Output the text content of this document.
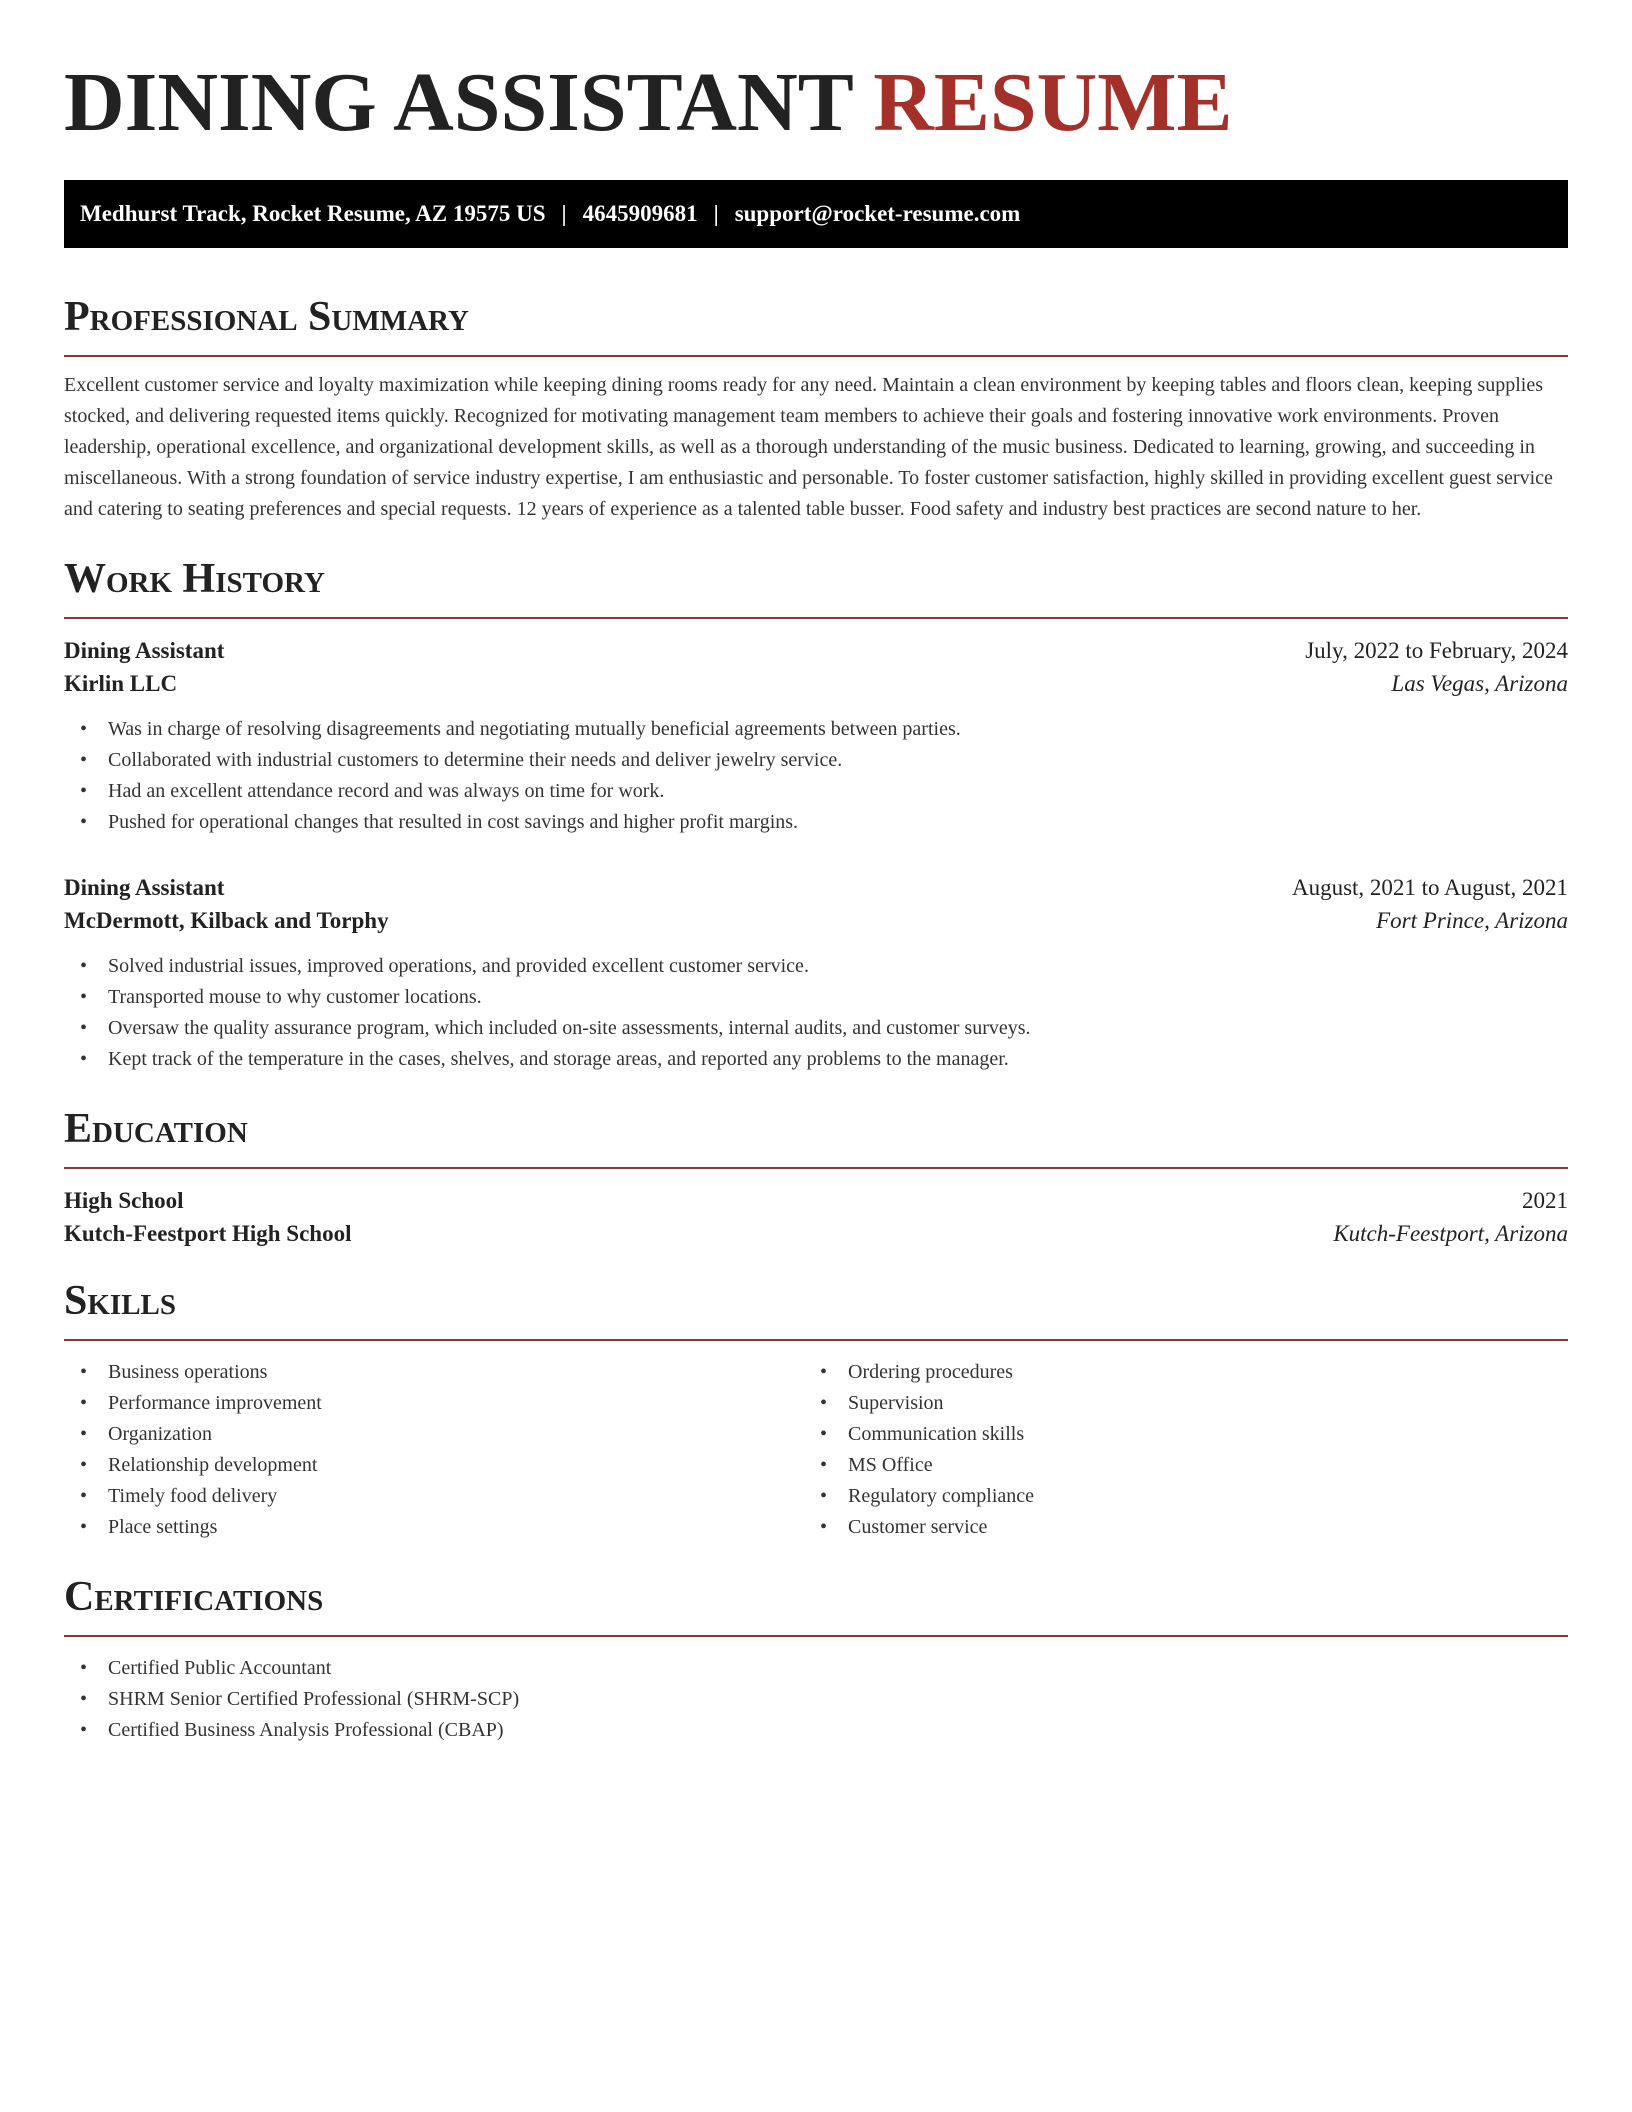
DINING ASSISTANT RESUME
Medhurst Track, Rocket Resume, AZ 19575 US | 4645909681 | support@rocket-resume.com
Professional Summary

Excellent customer service and loyalty maximization while keeping dining rooms ready for any need. Maintain a clean environment by keeping tables and floors clean, keeping supplies stocked, and delivering requested items quickly. Recognized for motivating management team members to achieve their goals and fostering innovative work environments. Proven leadership, operational excellence, and organizational development skills, as well as a thorough understanding of the music business. Dedicated to learning, growing, and succeeding in miscellaneous. With a strong foundation of service industry expertise, I am enthusiastic and personable. To foster customer satisfaction, highly skilled in providing excellent guest service and catering to seating preferences and special requests. 12 years of experience as a talented table busser. Food safety and industry best practices are second nature to her.

Work History
Dining Assistant	July, 2022 to February, 2024
Kirlin LLC	Las Vegas, Arizona
• Was in charge of resolving disagreements and negotiating mutually beneficial agreements between parties.
• Collaborated with industrial customers to determine their needs and deliver jewelry service.
• Had an excellent attendance record and was always on time for work.
• Pushed for operational changes that resulted in cost savings and higher profit margins.
Dining Assistant	August, 2021 to August, 2021
McDermott, Kilback and Torphy	Fort Prince, Arizona
• Solved industrial issues, improved operations, and provided excellent customer service.
• Transported mouse to why customer locations.
• Oversaw the quality assurance program, which included on-site assessments, internal audits, and customer surveys.
• Kept track of the temperature in the cases, shelves, and storage areas, and reported any problems to the manager.
Education
High School	2021
Kutch-Feestport High School	Kutch-Feestport, Arizona
Skills
• Business operations
• Performance improvement
• Organization
• Relationship development
• Timely food delivery
• Place settings
• Ordering procedures
• Supervision
• Communication skills
• MS Office
• Regulatory compliance
• Customer service
Certifications
• Certified Public Accountant
• SHRM Senior Certified Professional (SHRM-SCP)
• Certified Business Analysis Professional (CBAP)
